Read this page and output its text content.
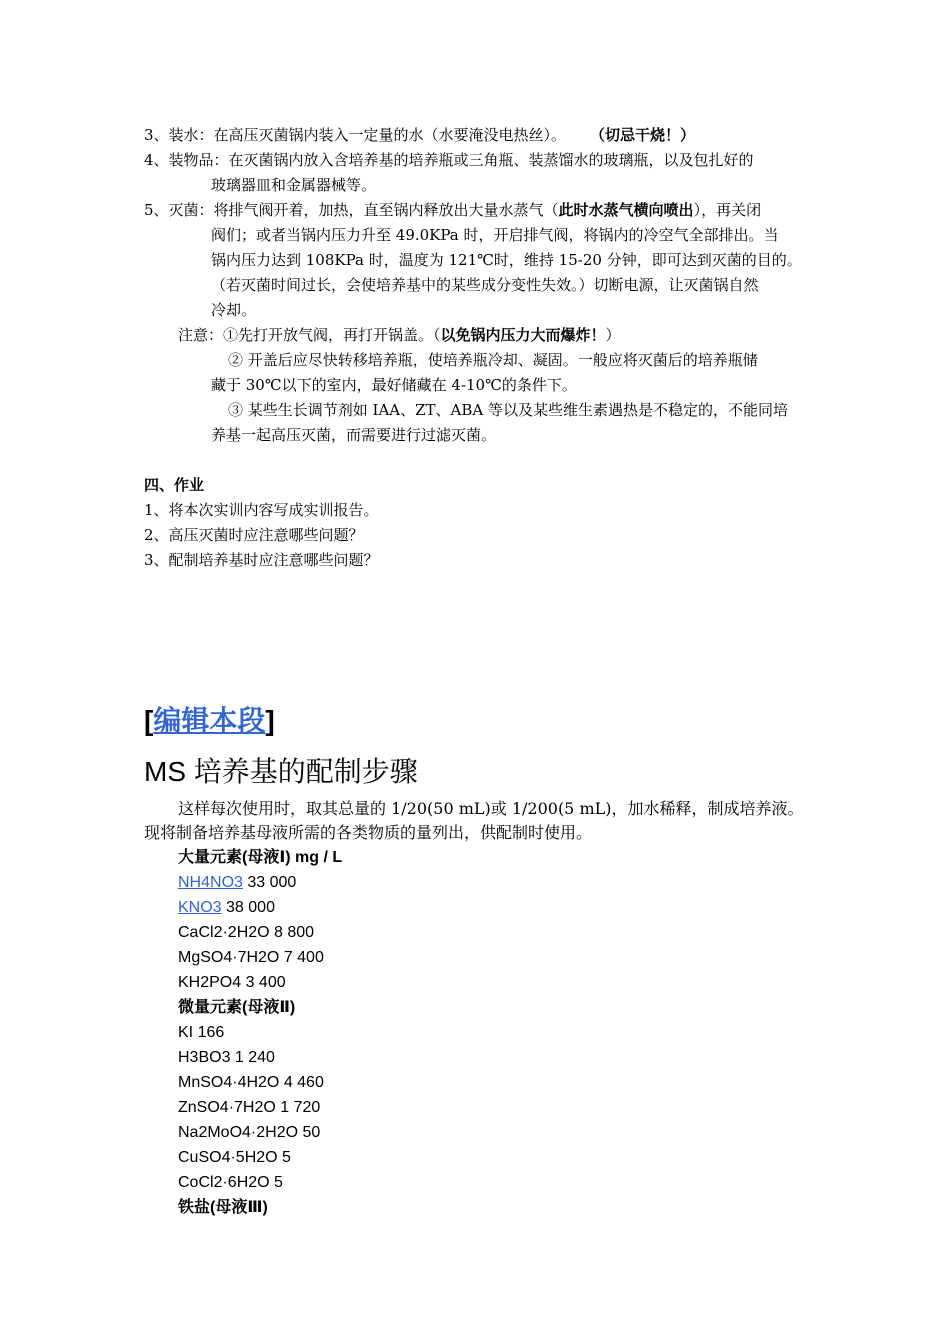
3、装水：在高压灭菌锅内装入一定量的水（水要淹没电热丝）。 （切忌干烧！）
4、装物品：在灭菌锅内放入含培养基的培养瓶或三角瓶、装蒸馏水的玻璃瓶，以及包扎好的
玻璃器皿和金属器械等。
5、灭菌：将排气阀开着，加热，直至锅内释放出大量水蒸气（此时水蒸气横向喷出），再关闭
阀们；或者当锅内压力升至 49.0KPa 时，开启排气阀，将锅内的冷空气全部排出。当
锅内压力达到 108KPa 时，温度为 121℃时，维持 15-20 分钟，即可达到灭菌的目的。
（若灭菌时间过长，会使培养基中的某些成分变性失效。）切断电源，让灭菌锅自然
冷却。
注意：①先打开放气阀，再打开锅盖。（以免锅内压力大而爆炸！）
② 开盖后应尽快转移培养瓶，使培养瓶冷却、凝固。一般应将灭菌后的培养瓶储
藏于 30℃以下的室内，最好储藏在 4-10℃的条件下。
③ 某些生长调节剂如 IAA、ZT、ABA 等以及某些维生素遇热是不稳定的，不能同培
养基一起高压灭菌，而需要进行过滤灭菌。
四、作业
1、将本次实训内容写成实训报告。
2、高压灭菌时应注意哪些问题？
3、配制培养基时应注意哪些问题？
[编辑本段]
MS 培养基的配制步骤
这样每次使用时，取其总量的 1/20(50 mL)或 1/200(5 mL)，加水稀释，制成培养液。
现将制备培养基母液所需的各类物质的量列出，供配制时使用。
大量元素(母液Ⅰ) mg / L
NH4NO3 33 000
KNO3 38 000
CaCl2·2H2O 8 800
MgSO4·7H2O 7 400
KH2PO4 3 400
微量元素(母液Ⅱ)
KI 166
H3BO3 1 240
MnSO4·4H2O 4 460
ZnSO4·7H2O 1 720
Na2MoO4·2H2O 50
CuSO4·5H2O 5
CoCl2·6H2O 5
铁盐(母液Ⅲ)
